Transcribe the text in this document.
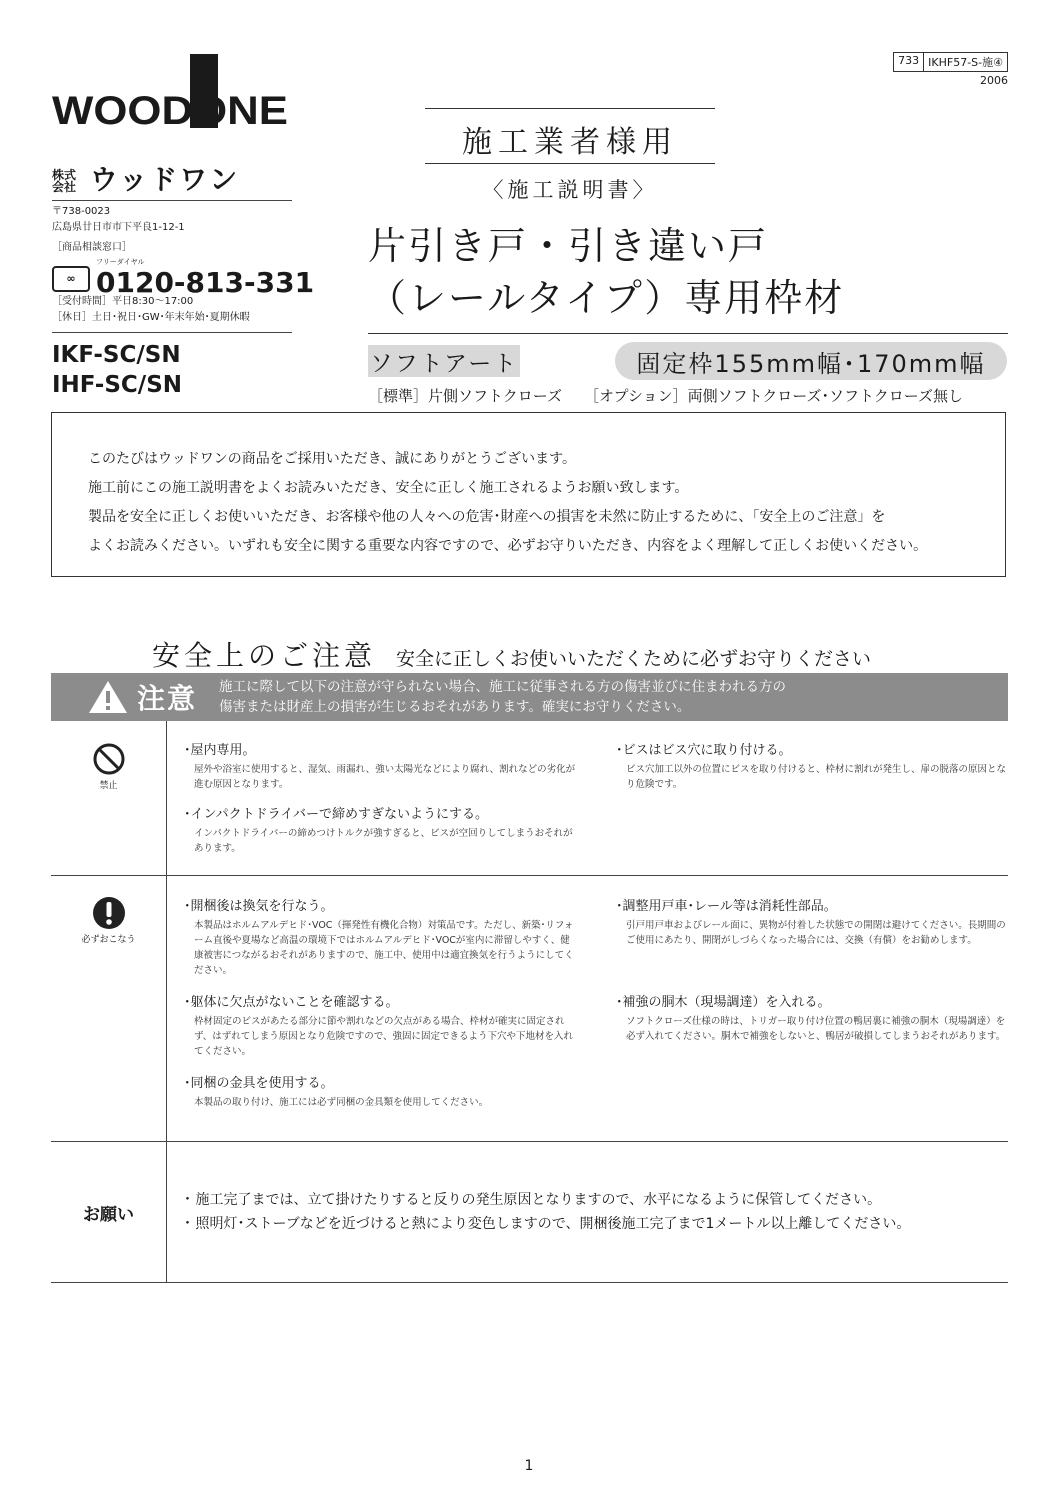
733 IKHF57-S-施④
2006
WOODONE
株式会社 ウッドワン
〒738-0023
広島県廿日市市下平良1-12-1
［商品相談窓口］
∞
フリーダイヤル
0120-813-331
［受付時間］平日8:30〜17:00
［休日］土日･祝日･GW･年末年始･夏期休暇
IKF-SC/SN
IHF-SC/SN
施工業者様用
〈施工説明書〉
片引き戸・引き違い戸
（レールタイプ）専用枠材
ソフトアート	固定枠155mm幅･170mm幅
［標準］片側ソフトクローズ ［オプション］両側ソフトクローズ･ソフトクローズ無し

このたびはウッドワンの商品をご採用いただき、誠にありがとうございます。

施工前にこの施工説明書をよくお読みいただき、安全に正しく施工されるようお願い致します。

製品を安全に正しくお使いいただき、お客様や他の人々への危害･財産への損害を未然に防止するために、「安全上のご注意」を

よくお読みください。いずれも安全に関する重要な内容ですので、必ずお守りいただき、内容をよく理解して正しくお使いください。

安全上のご注意 安全に正しくお使いいただくために必ずお守りください
注意	施工に際して以下の注意が守られない場合、施工に従事される方の傷害並びに住まわれる方の
傷害または財産上の損害が生じるおそれがあります。確実にお守りください。
禁止
･屋内専用。
屋外や浴室に使用すると、湿気、雨漏れ、強い太陽光などにより腐れ、割れなどの劣化が進む原因となります。
･インパクトドライバーで締めすぎないようにする。
インパクトドライバーの締めつけトルクが強すぎると、ビスが空回りしてしまうおそれがあります。
･ビスはビス穴に取り付ける。
ビス穴加工以外の位置にビスを取り付けると、枠材に割れが発生し、扉の脱落の原因となり危険です。
必ずおこなう
･開梱後は換気を行なう。
本製品はホルムアルデヒド･VOC（揮発性有機化合物）対策品です。ただし、新築･リフォーム直後や夏場など高温の環境下ではホルムアルデヒド･VOCが室内に滞留しやすく、健康被害につながるおそれがありますので、施工中、使用中は適宜換気を行うようにしてください。
･躯体に欠点がないことを確認する。
枠材固定のビスがあたる部分に節や割れなどの欠点がある場合、枠材が確実に固定されず、はずれてしまう原因となり危険ですので、強固に固定できるよう下穴や下地材を入れてください。
･同梱の金具を使用する。
本製品の取り付け、施工には必ず同梱の金具類を使用してください。
･調整用戸車･レール等は消耗性部品。
引戸用戸車およびレール面に、異物が付着した状態での開閉は避けてください。長期間のご使用にあたり、開閉がしづらくなった場合には、交換（有償）をお勧めします。
･補強の胴木（現場調達）を入れる。
ソフトクローズ仕様の時は、トリガー取り付け位置の鴨居裏に補強の胴木（現場調達）を必ず入れてください。胴木で補強をしないと、鴨居が破損してしまうおそれがあります。
お願い
･ 施工完了までは、立て掛けたりすると反りの発生原因となりますので、水平になるように保管してください。
･ 照明灯･ストーブなどを近づけると熱により変色しますので、開梱後施工完了まで1メートル以上離してください。
1
